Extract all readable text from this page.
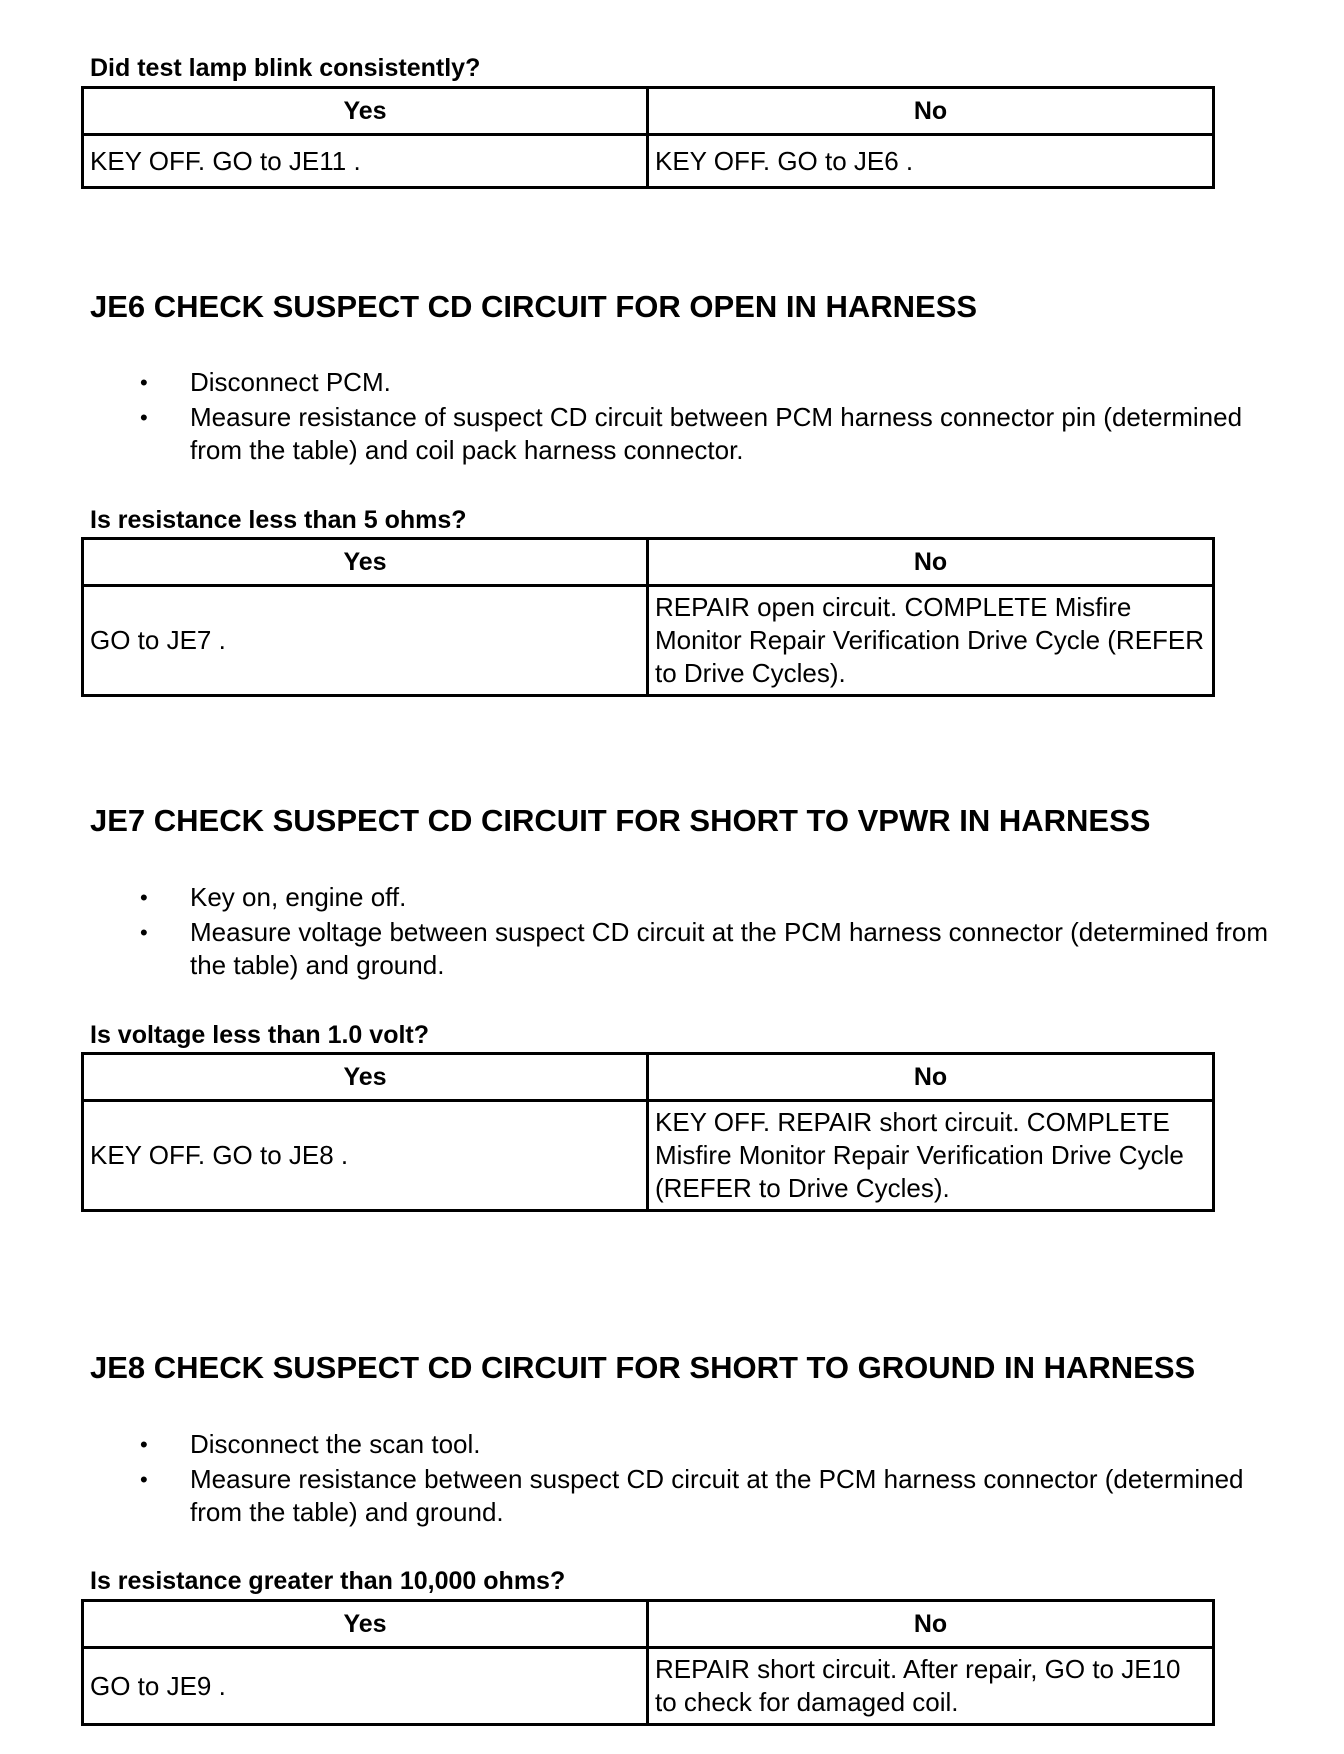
Did test lamp blink consistently?

Yes	No
KEY OFF. GO to JE11 .	KEY OFF. GO to JE6 .
JE6 CHECK SUSPECT CD CIRCUIT FOR OPEN IN HARNESS
• Disconnect PCM.
• Measure resistance of suspect CD circuit between PCM harness connector pin (determined from the table) and coil pack harness connector.

Is resistance less than 5 ohms?

Yes	No
GO to JE7 .	REPAIR open circuit. COMPLETE Misfire Monitor Repair Verification Drive Cycle (REFER to Drive Cycles).
JE7 CHECK SUSPECT CD CIRCUIT FOR SHORT TO VPWR IN HARNESS
• Key on, engine off.
• Measure voltage between suspect CD circuit at the PCM harness connector (determined from the table) and ground.

Is voltage less than 1.0 volt?

Yes	No
KEY OFF. GO to JE8 .	KEY OFF. REPAIR short circuit. COMPLETE Misfire Monitor Repair Verification Drive Cycle (REFER to Drive Cycles).
JE8 CHECK SUSPECT CD CIRCUIT FOR SHORT TO GROUND IN HARNESS
• Disconnect the scan tool.
• Measure resistance between suspect CD circuit at the PCM harness connector (determined from the table) and ground.

Is resistance greater than 10,000 ohms?

Yes	No
GO to JE9 .	REPAIR short circuit. After repair, GO to JE10 to check for damaged coil.
